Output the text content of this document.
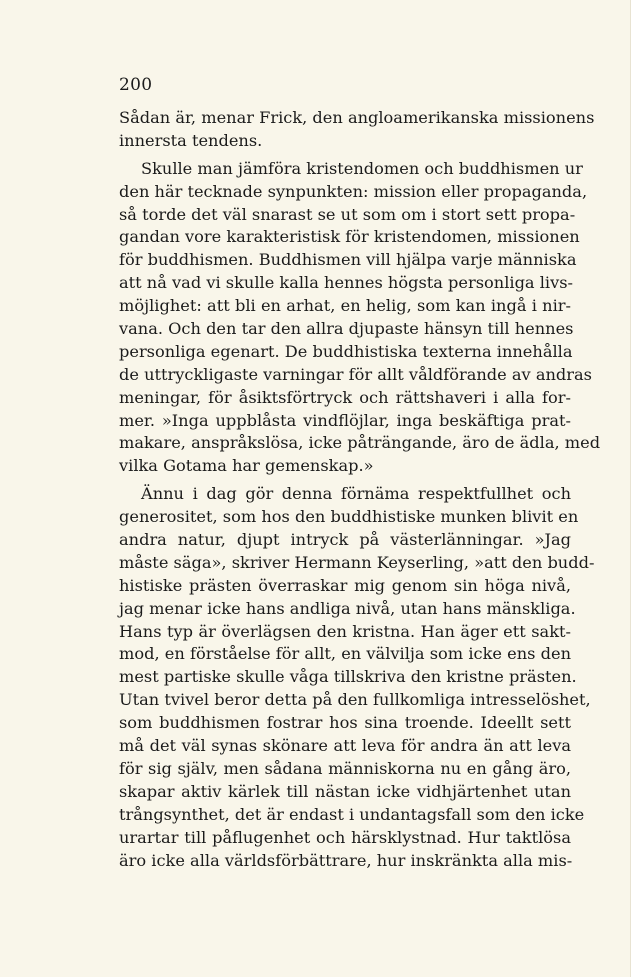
200
Sådan är, menar Frick, den angloamerikanska missionens
innersta tendens.
Skulle man jämföra kristendomen och buddhismen ur
den här tecknade synpunkten: mission eller propaganda,
så torde det väl snarast se ut som om i stort sett propa-
gandan vore karakteristisk för kristendomen, missionen
för buddhismen. Buddhismen vill hjälpa varje människa
att nå vad vi skulle kalla hennes högsta personliga livs-
möjlighet: att bli en arhat, en helig, som kan ingå i nir-
vana. Och den tar den allra djupaste hänsyn till hennes
personliga egenart. De buddhistiska texterna innehålla
de uttryckligaste varningar för allt våldförande av andras
meningar, för åsiktsförtryck och rättshaveri i alla for-
mer. »Inga uppblåsta vindflöjlar, inga beskäftiga prat-
makare, anspråkslösa, icke påträngande, äro de ädla, med
vilka Gotama har gemenskap.»
Ännu i dag gör denna förnäma respektfullhet och
generositet, som hos den buddhistiske munken blivit en
andra natur, djupt intryck på västerlänningar. »Jag
måste säga», skriver Hermann Keyserling, »att den budd-
histiske prästen överraskar mig genom sin höga nivå,
jag menar icke hans andliga nivå, utan hans mänskliga.
Hans typ är överlägsen den kristna. Han äger ett sakt-
mod, en förståelse för allt, en välvilja som icke ens den
mest partiske skulle våga tillskriva den kristne prästen.
Utan tvivel beror detta på den fullkomliga intresselöshet,
som buddhismen fostrar hos sina troende. Ideellt sett
må det väl synas skönare att leva för andra än att leva
för sig själv, men sådana människorna nu en gång äro,
skapar aktiv kärlek till nästan icke vidhjärtenhet utan
trångsynthet, det är endast i undantagsfall som den icke
urartar till påflugenhet och härsklystnad. Hur taktlösa
äro icke alla världsförbättrare, hur inskränkta alla mis-
